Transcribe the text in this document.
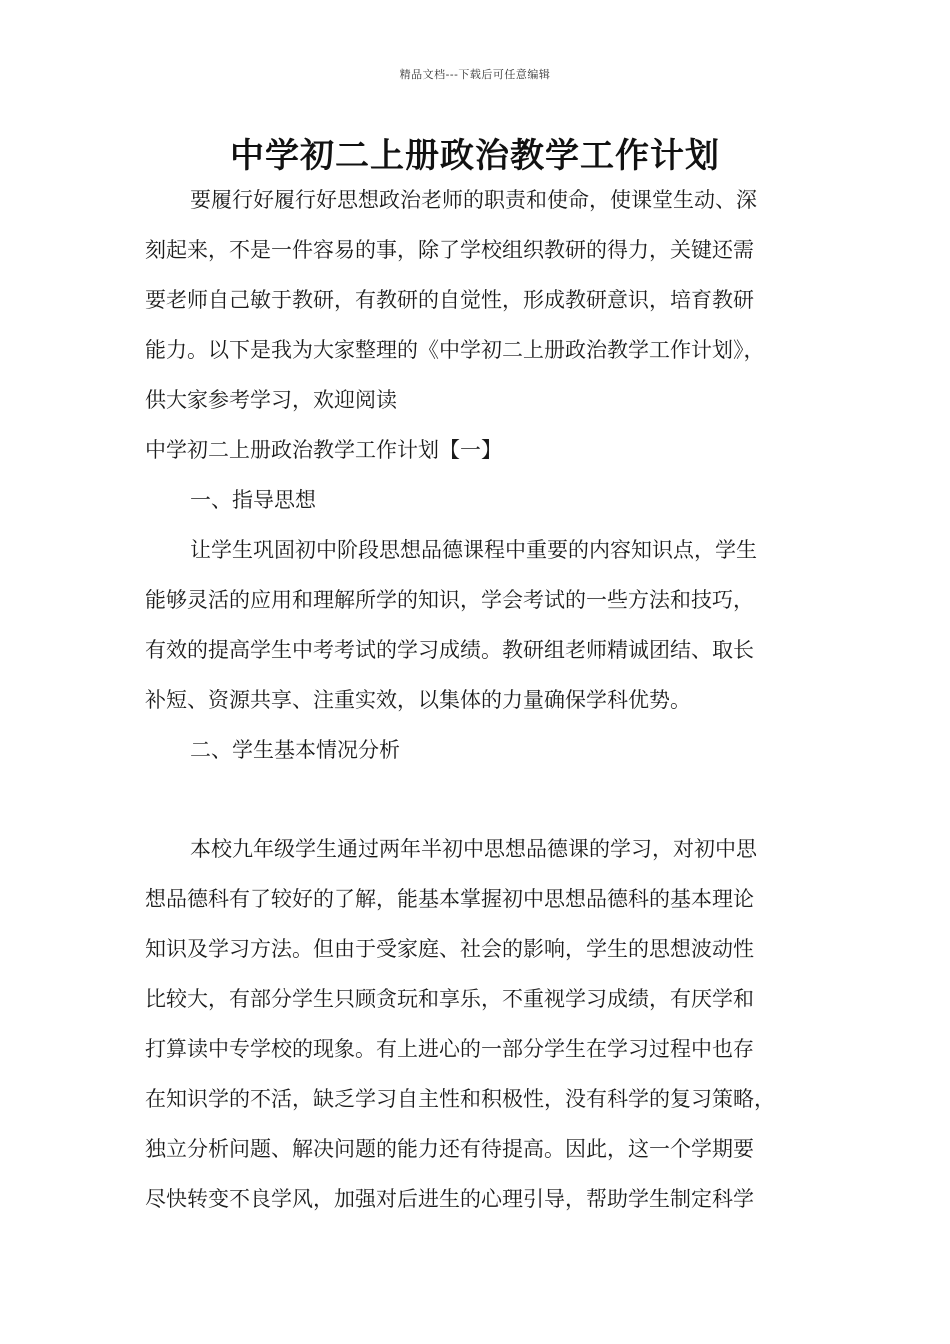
精品文档---下载后可任意编辑
中学初二上册政治教学工作计划
要履行好履行好思想政治老师的职责和使命，使课堂生动、深
刻起来，不是一件容易的事，除了学校组织教研的得力，关键还需
要老师自己敏于教研，有教研的自觉性，形成教研意识，培育教研
能力。以下是我为大家整理的《中学初二上册政治教学工作计划》，
供大家参考学习，欢迎阅读
中学初二上册政治教学工作计划【一】
一、指导思想
让学生巩固初中阶段思想品德课程中重要的内容知识点，学生
能够灵活的应用和理解所学的知识，学会考试的一些方法和技巧，
有效的提高学生中考考试的学习成绩。教研组老师精诚团结、取长
补短、资源共享、注重实效，以集体的力量确保学科优势。
二、学生基本情况分析
本校九年级学生通过两年半初中思想品德课的学习，对初中思
想品德科有了较好的了解，能基本掌握初中思想品德科的基本理论
知识及学习方法。但由于受家庭、社会的影响，学生的思想波动性
比较大，有部分学生只顾贪玩和享乐，不重视学习成绩，有厌学和
打算读中专学校的现象。有上进心的一部分学生在学习过程中也存
在知识学的不活，缺乏学习自主性和积极性，没有科学的复习策略，
独立分析问题、解决问题的能力还有待提高。因此，这一个学期要
尽快转变不良学风，加强对后进生的心理引导，帮助学生制定科学
